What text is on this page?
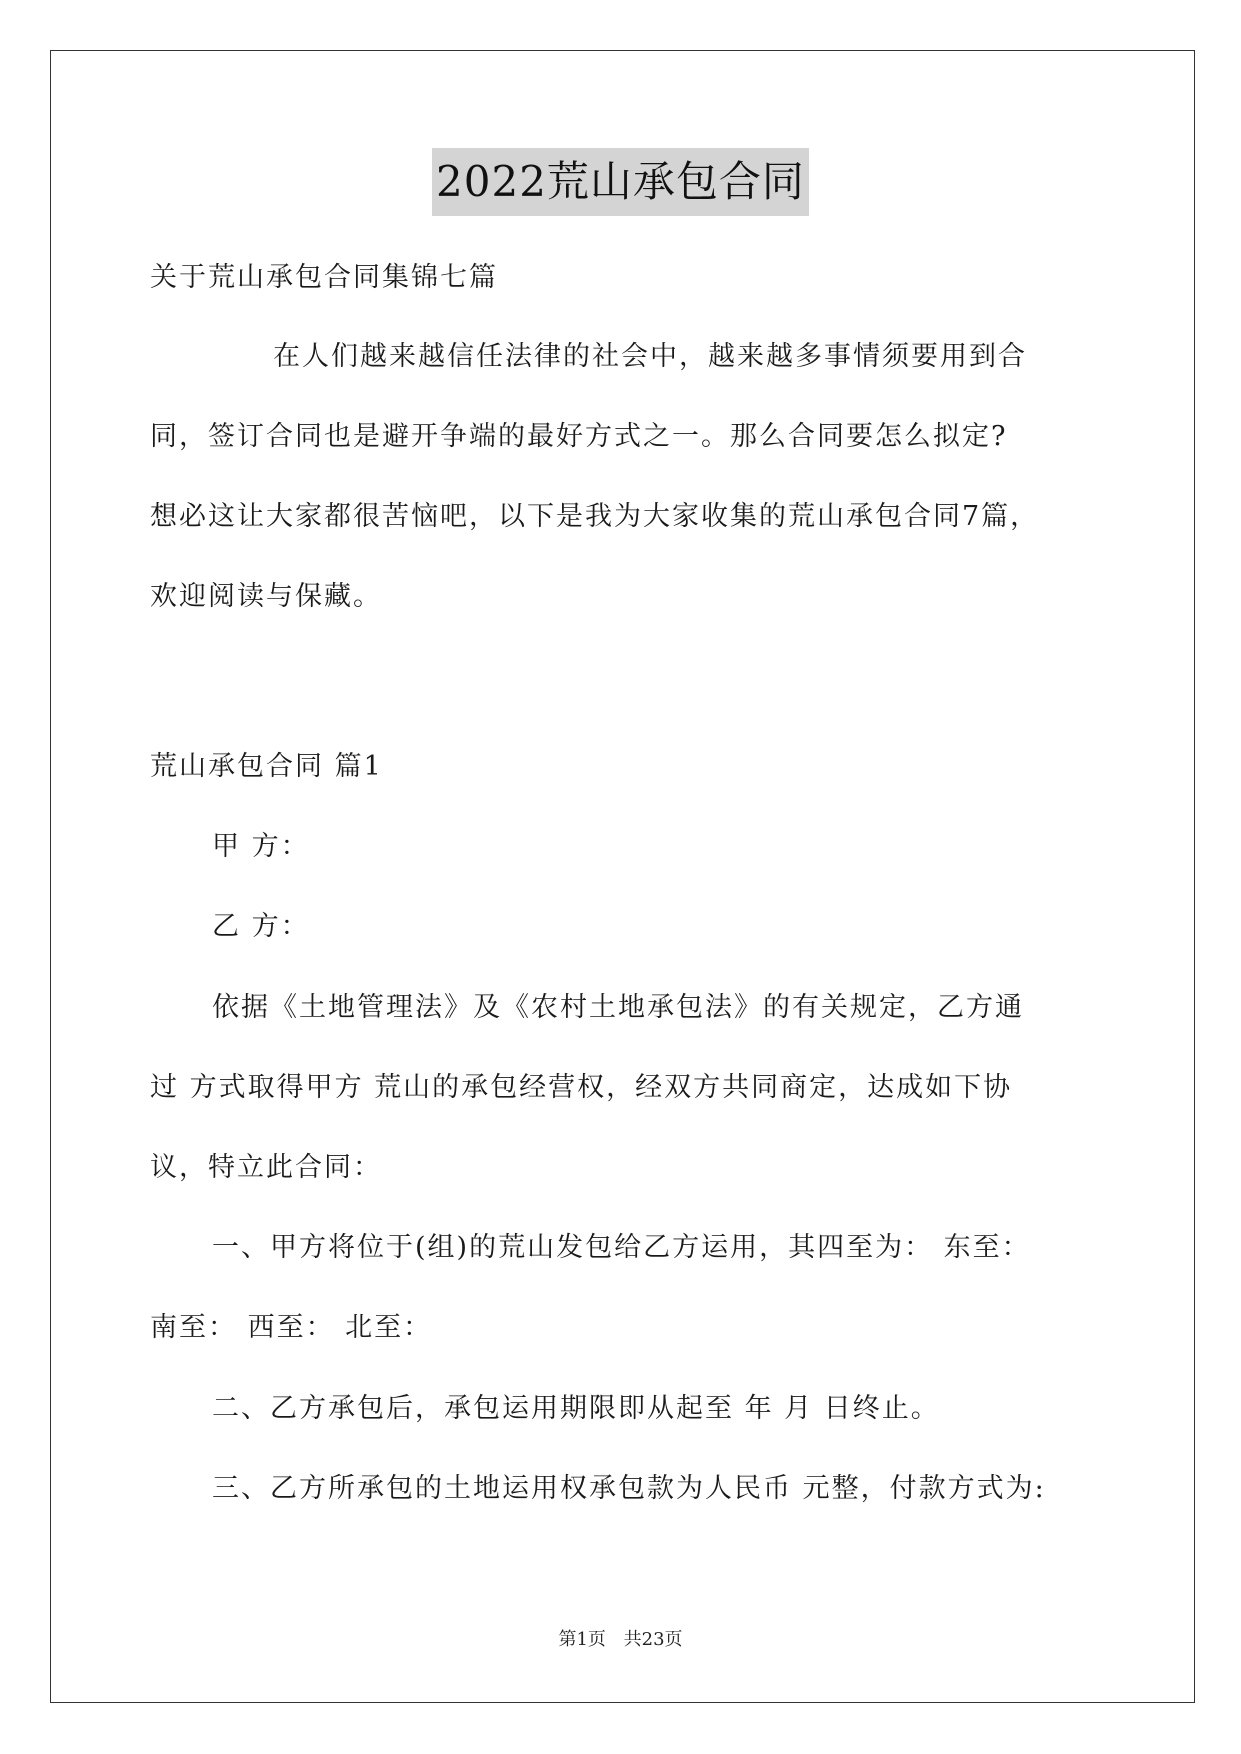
2022荒山承包合同
关于荒山承包合同集锦七篇
在人们越来越信任法律的社会中，越来越多事情须要用到合
同，签订合同也是避开争端的最好方式之一。那么合同要怎么拟定?
想必这让大家都很苦恼吧，以下是我为大家收集的荒山承包合同7篇，
欢迎阅读与保藏。
荒山承包合同 篇1
甲 方：
乙 方：
依据《土地管理法》及《农村土地承包法》的有关规定，乙方通
过 方式取得甲方 荒山的承包经营权，经双方共同商定，达成如下协
议，特立此合同：
一、甲方将位于(组)的荒山发包给乙方运用，其四至为： 东至：
南至： 西至： 北至：
二、乙方承包后，承包运用期限即从起至 年 月 日终止。
三、乙方所承包的土地运用权承包款为人民币 元整，付款方式为:
第1页 共23页
